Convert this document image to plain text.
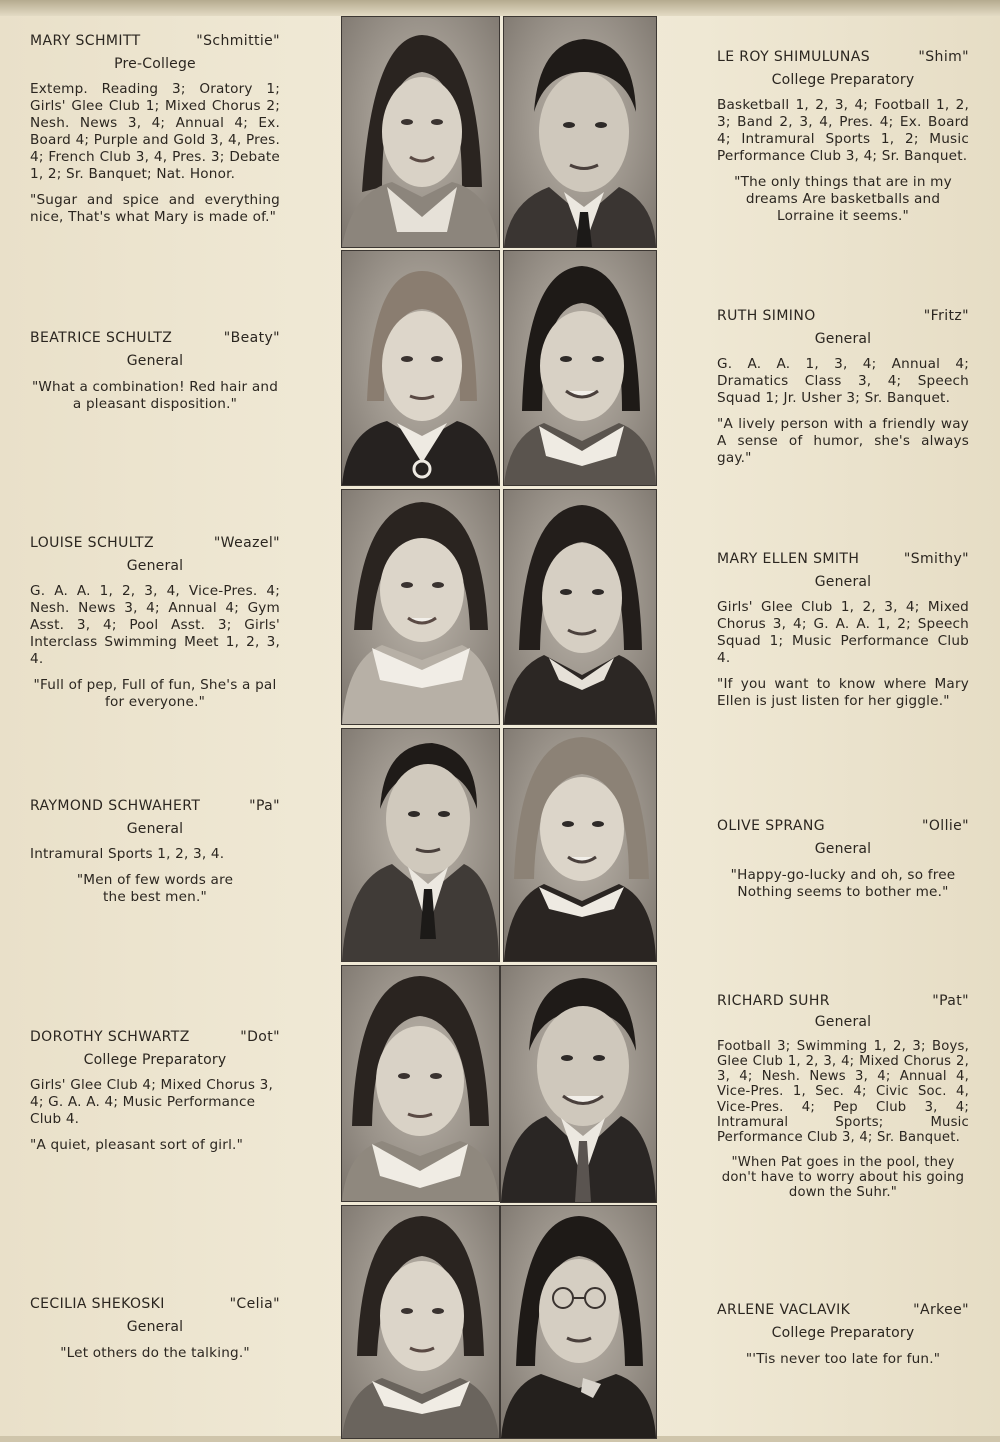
MARY SCHMITT	"Schmittie"
Pre-College
Extemp. Reading 3; Oratory 1; Girls' Glee Club 1; Mixed Chorus 2; Nesh. News 3, 4; Annual 4; Ex. Board 4; Purple and Gold 3, 4, Pres. 4; French Club 3, 4, Pres. 3; Debate 1, 2; Sr. Banquet; Nat. Honor.
"Sugar and spice and everything nice, That's what Mary is made of."
BEATRICE SCHULTZ	"Beaty"
General
"What a combination! Red hair and a pleasant disposition."
LOUISE SCHULTZ	"Weazel"
General
G. A. A. 1, 2, 3, 4, Vice-Pres. 4; Nesh. News 3, 4; Annual 4; Gym Asst. 3, 4; Pool Asst. 3; Girls' Interclass Swimming Meet 1, 2, 3, 4.
"Full of pep, Full of fun, She's a pal for everyone."
RAYMOND SCHWAHERT	"Pa"
General
Intramural Sports 1, 2, 3, 4.
"Men of few words are the best men."
DOROTHY SCHWARTZ	"Dot"
College Preparatory
Girls' Glee Club 4; Mixed Chorus 3, 4; G. A. A. 4; Music Performance Club 4.
"A quiet, pleasant sort of girl."
CECILIA SHEKOSKI	"Celia"
General
"Let others do the talking."
LE ROY SHIMULUNAS	"Shim"
College Preparatory
Basketball 1, 2, 3, 4; Football 1, 2, 3; Band 2, 3, 4, Pres. 4; Ex. Board 4; Intramural Sports 1, 2; Music Performance Club 3, 4; Sr. Banquet.
"The only things that are in my dreams Are basketballs and Lorraine it seems."
RUTH SIMINO	"Fritz"
General
G. A. A. 1, 3, 4; Annual 4; Dramatics Class 3, 4; Speech Squad 1; Jr. Usher 3; Sr. Banquet.
"A lively person with a friendly way A sense of humor, she's always gay."
MARY ELLEN SMITH	"Smithy"
General
Girls' Glee Club 1, 2, 3, 4; Mixed Chorus 3, 4; G. A. A. 1, 2; Speech Squad 1; Music Performance Club 4.
"If you want to know where Mary Ellen is just listen for her giggle."
OLIVE SPRANG	"Ollie"
General
"Happy-go-lucky and oh, so free Nothing seems to bother me."
RICHARD SUHR	"Pat"
General
Football 3; Swimming 1, 2, 3; Boys, Glee Club 1, 2, 3, 4; Mixed Chorus 2, 3, 4; Nesh. News 3, 4; Annual 4, Vice-Pres. 1, Sec. 4; Civic Soc. 4, Vice-Pres. 4; Pep Club 3, 4; Intramural Sports; Music Performance Club 3, 4; Sr. Banquet.
"When Pat goes in the pool, they don't have to worry about his going down the Suhr."
ARLENE VACLAVIK	"Arkee"
College Preparatory
"'Tis never too late for fun."
